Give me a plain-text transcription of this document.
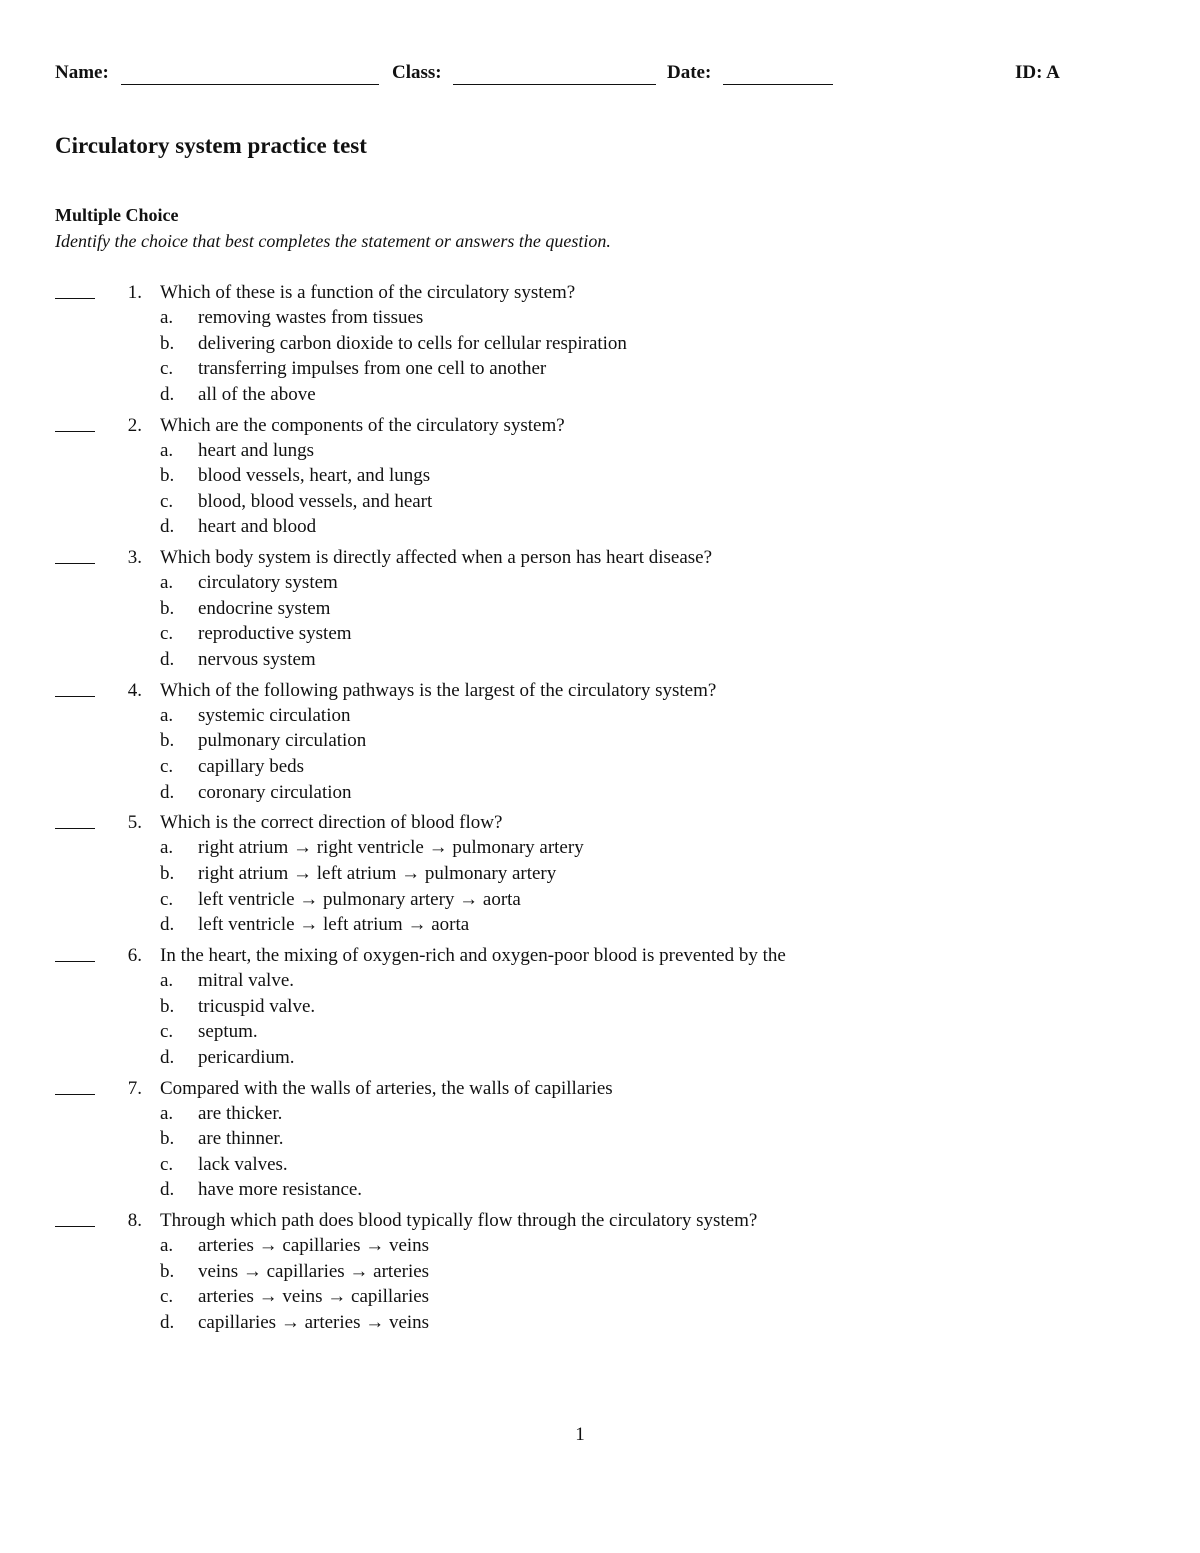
Name:	Class:	Date:	ID: A
Circulatory system practice test
Multiple Choice
Identify the choice that best completes the statement or answers the question.
1. Which of these is a function of the circulatory system?
a. removing wastes from tissues
b. delivering carbon dioxide to cells for cellular respiration
c. transferring impulses from one cell to another
d. all of the above
2. Which are the components of the circulatory system?
a. heart and lungs
b. blood vessels, heart, and lungs
c. blood, blood vessels, and heart
d. heart and blood
3. Which body system is directly affected when a person has heart disease?
a. circulatory system
b. endocrine system
c. reproductive system
d. nervous system
4. Which of the following pathways is the largest of the circulatory system?
a. systemic circulation
b. pulmonary circulation
c. capillary beds
d. coronary circulation
5. Which is the correct direction of blood flow?
a. right atrium → right ventricle → pulmonary artery
b. right atrium → left atrium → pulmonary artery
c. left ventricle → pulmonary artery → aorta
d. left ventricle → left atrium → aorta
6. In the heart, the mixing of oxygen-rich and oxygen-poor blood is prevented by the
a. mitral valve.
b. tricuspid valve.
c. septum.
d. pericardium.
7. Compared with the walls of arteries, the walls of capillaries
a. are thicker.
b. are thinner.
c. lack valves.
d. have more resistance.
8. Through which path does blood typically flow through the circulatory system?
a. arteries → capillaries → veins
b. veins → capillaries → arteries
c. arteries → veins → capillaries
d. capillaries → arteries → veins
1
